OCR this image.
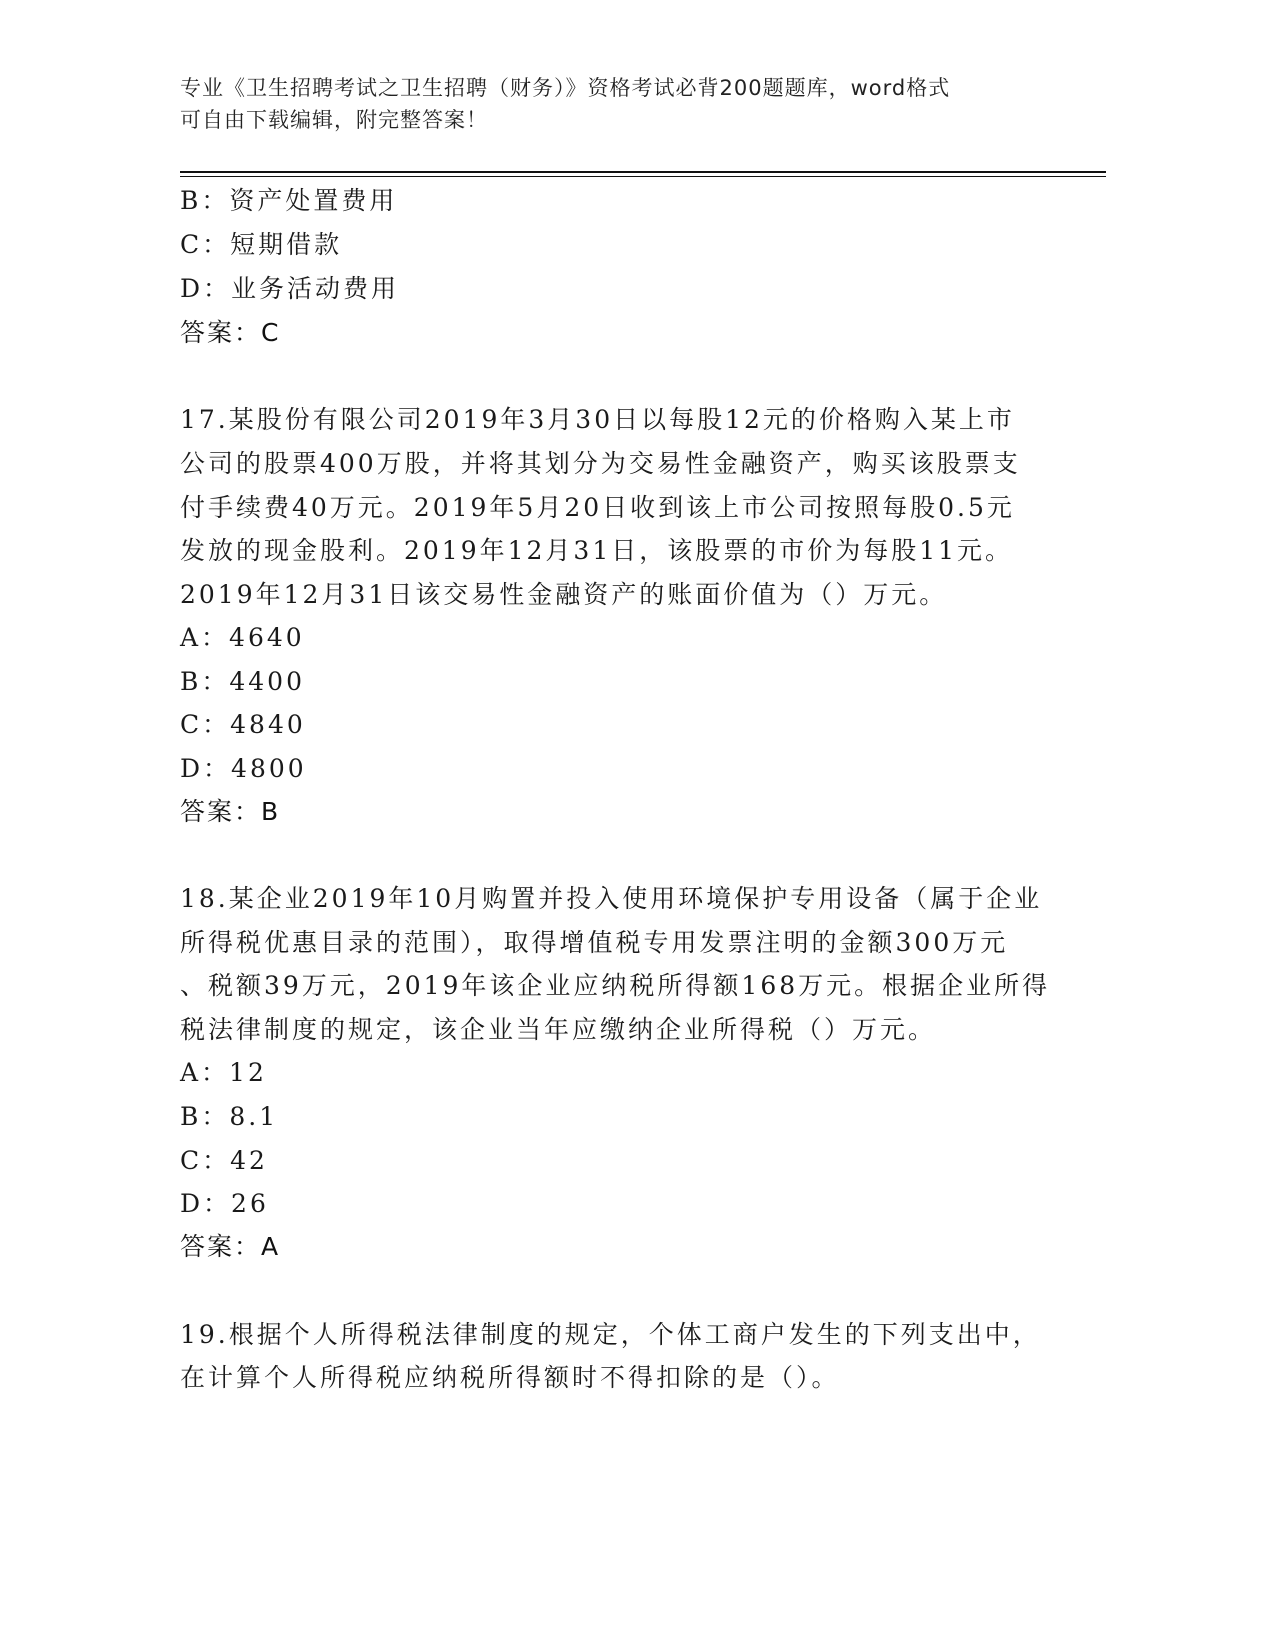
专业《卫生招聘考试之卫生招聘（财务）》资格考试必背200题题库，word格式
可自由下载编辑，附完整答案！
B：资产处置费用
C：短期借款
D：业务活动费用
答案：C
17.某股份有限公司2019年3月30日以每股12元的价格购入某上市
公司的股票400万股，并将其划分为交易性金融资产，购买该股票支
付手续费40万元。2019年5月20日收到该上市公司按照每股0.5元
发放的现金股利。2019年12月31日，该股票的市价为每股11元。
2019年12月31日该交易性金融资产的账面价值为（）万元。
A：4640
B：4400
C：4840
D：4800
答案：B
18.某企业2019年10月购置并投入使用环境保护专用设备（属于企业
所得税优惠目录的范围），取得增值税专用发票注明的金额300万元
、税额39万元，2019年该企业应纳税所得额168万元。根据企业所得
税法律制度的规定，该企业当年应缴纳企业所得税（）万元。
A：12
B：8.1
C：42
D：26
答案：A
19.根据个人所得税法律制度的规定，个体工商户发生的下列支出中，
在计算个人所得税应纳税所得额时不得扣除的是（）。
